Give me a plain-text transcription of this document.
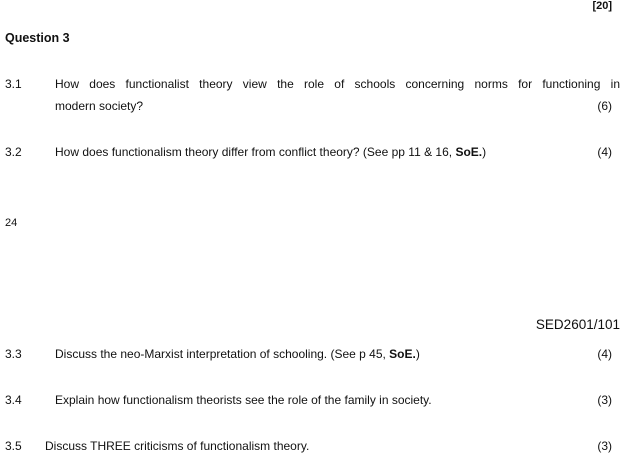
[20]
Question 3
3.1	How does functionalist theory view the role of schools concerning norms for functioning in
modern society?	(6)
3.2	How does functionalism theory differ from conflict theory? (See pp 11 & 16, SoE.)	(4)
24
SED2601/101
3.3	Discuss the neo-Marxist interpretation of schooling. (See p 45, SoE.)	(4)
3.4	Explain how functionalism theorists see the role of the family in society.	(3)
3.5 Discuss THREE criticisms of functionalism theory.	(3)
